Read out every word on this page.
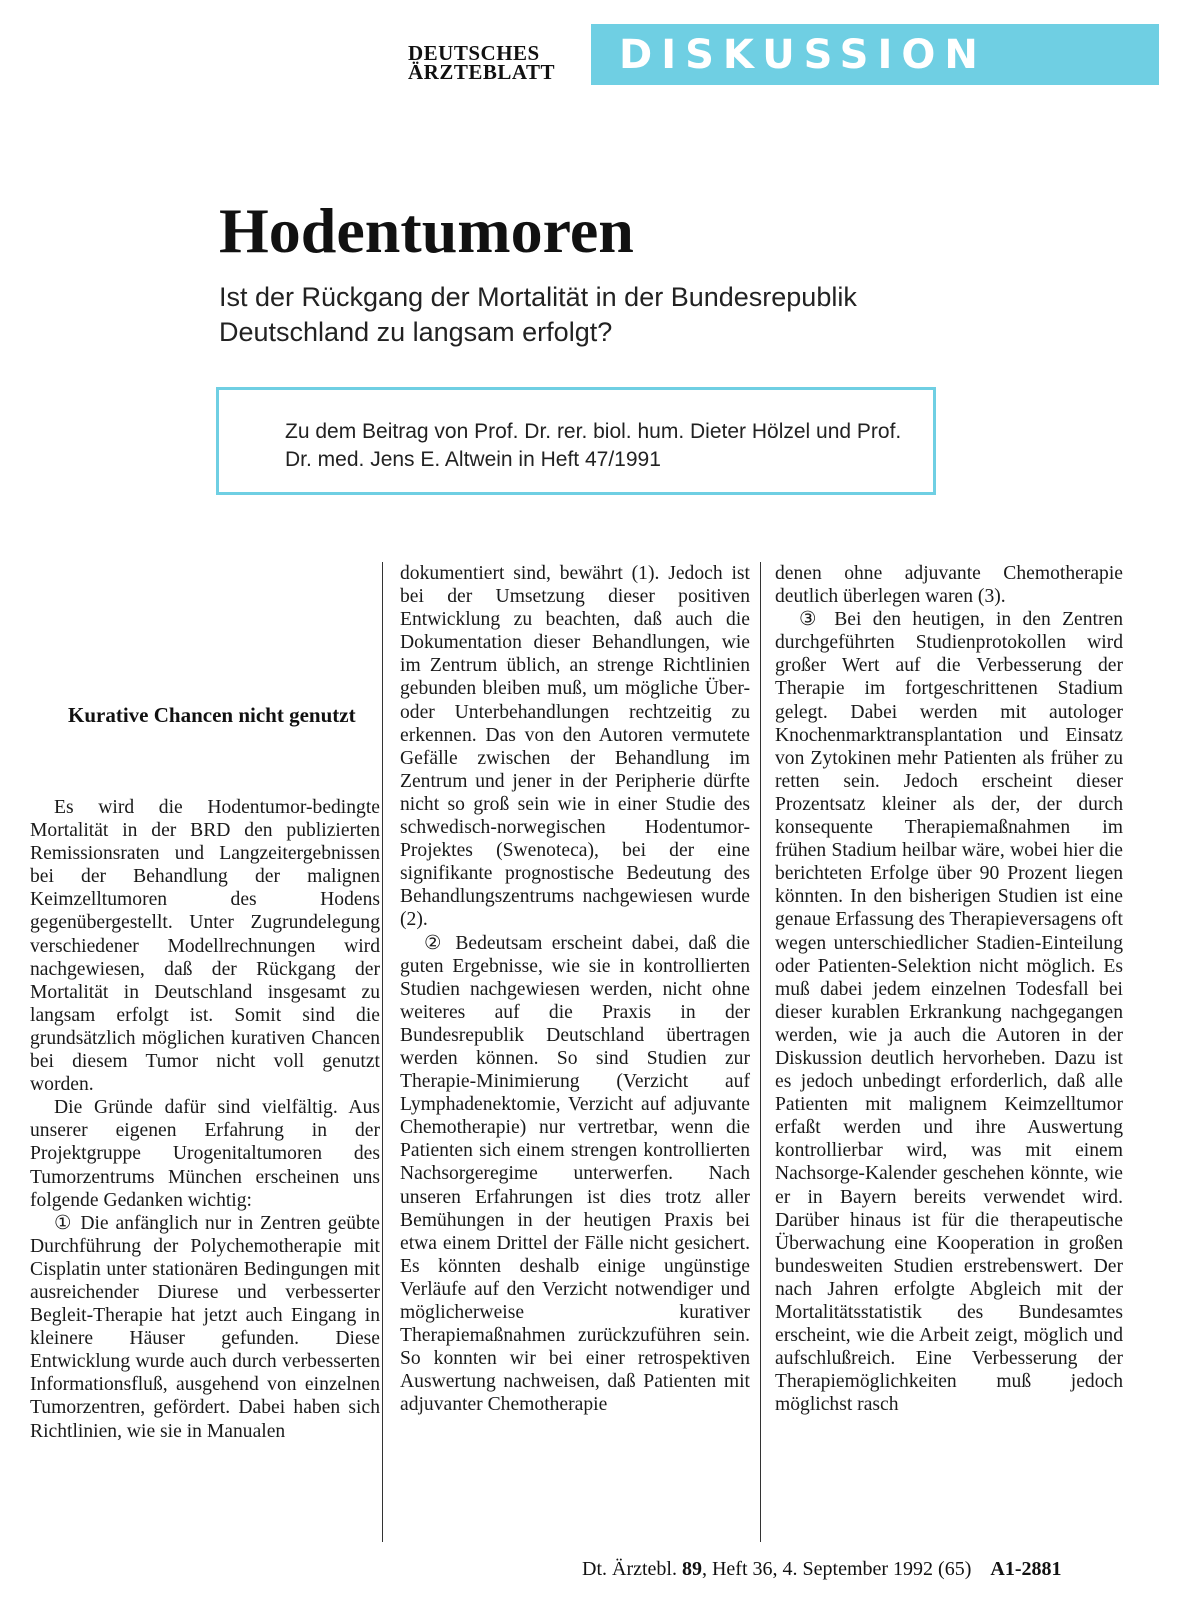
DEUTSCHES
ÄRZTEBLATT	DISKUSSION
Hodentumoren
Ist der Rückgang der Mortalität in der Bundesrepublik Deutschland zu langsam erfolgt?
Zu dem Beitrag von Prof. Dr. rer. biol. hum. Dieter Hölzel und Prof. Dr. med. Jens E. Altwein in Heft 47/1991
Kurative Chancen nicht genutzt

Es wird die Hodentumor-bedingte Mortalität in der BRD den publizierten Remissionsraten und Langzeitergebnissen bei der Behandlung der malignen Keimzelltumoren des Hodens gegenübergestellt. Unter Zugrundelegung verschiedener Modellrechnungen wird nachgewiesen, daß der Rückgang der Mortalität in Deutschland insgesamt zu langsam erfolgt ist. Somit sind die grundsätzlich möglichen kurativen Chancen bei diesem Tumor nicht voll genutzt worden.

Die Gründe dafür sind vielfältig. Aus unserer eigenen Erfahrung in der Projektgruppe Urogenitaltumoren des Tumorzentrums München erscheinen uns folgende Gedanken wichtig:

① Die anfänglich nur in Zentren geübte Durchführung der Polychemotherapie mit Cisplatin unter stationären Bedingungen mit ausreichender Diurese und verbesserter Begleit-Therapie hat jetzt auch Eingang in kleinere Häuser gefunden. Diese Entwicklung wurde auch durch verbesserten Informationsfluß, ausgehend von einzelnen Tumorzentren, gefördert. Dabei haben sich Richtlinien, wie sie in Manualen

dokumentiert sind, bewährt (1). Jedoch ist bei der Umsetzung dieser positiven Entwicklung zu beachten, daß auch die Dokumentation dieser Behandlungen, wie im Zentrum üblich, an strenge Richtlinien gebunden bleiben muß, um mögliche Über- oder Unterbehandlungen rechtzeitig zu erkennen. Das von den Autoren vermutete Gefälle zwischen der Behandlung im Zentrum und jener in der Peripherie dürfte nicht so groß sein wie in einer Studie des schwedisch-norwegischen Hodentumor-Projektes (Swenoteca), bei der eine signifikante prognostische Bedeutung des Behandlungszentrums nachgewiesen wurde (2).

② Bedeutsam erscheint dabei, daß die guten Ergebnisse, wie sie in kontrollierten Studien nachgewiesen werden, nicht ohne weiteres auf die Praxis in der Bundesrepublik Deutschland übertragen werden können. So sind Studien zur Therapie-Minimierung (Verzicht auf Lymphadenektomie, Verzicht auf adjuvante Chemotherapie) nur vertretbar, wenn die Patienten sich einem strengen kontrollierten Nachsorgeregime unterwerfen. Nach unseren Erfahrungen ist dies trotz aller Bemühungen in der heutigen Praxis bei etwa einem Drittel der Fälle nicht gesichert. Es könnten deshalb einige ungünstige Verläufe auf den Verzicht notwendiger und möglicherweise kurativer Therapiemaßnahmen zurückzuführen sein. So konnten wir bei einer retrospektiven Auswertung nachweisen, daß Patienten mit adjuvanter Chemotherapie

denen ohne adjuvante Chemotherapie deutlich überlegen waren (3).

③ Bei den heutigen, in den Zentren durchgeführten Studienprotokollen wird großer Wert auf die Verbesserung der Therapie im fortgeschrittenen Stadium gelegt. Dabei werden mit autologer Knochenmarktransplantation und Einsatz von Zytokinen mehr Patienten als früher zu retten sein. Jedoch erscheint dieser Prozentsatz kleiner als der, der durch konsequente Therapiemaßnahmen im frühen Stadium heilbar wäre, wobei hier die berichteten Erfolge über 90 Prozent liegen könnten. In den bisherigen Studien ist eine genaue Erfassung des Therapieversagens oft wegen unterschiedlicher Stadien-Einteilung oder Patienten-Selektion nicht möglich. Es muß dabei jedem einzelnen Todesfall bei dieser kurablen Erkrankung nachgegangen werden, wie ja auch die Autoren in der Diskussion deutlich hervorheben. Dazu ist es jedoch unbedingt erforderlich, daß alle Patienten mit malignem Keimzelltumor erfaßt werden und ihre Auswertung kontrollierbar wird, was mit einem Nachsorge-Kalender geschehen könnte, wie er in Bayern bereits verwendet wird. Darüber hinaus ist für die therapeutische Überwachung eine Kooperation in großen bundesweiten Studien erstrebenswert. Der nach Jahren erfolgte Abgleich mit der Mortalitätsstatistik des Bundesamtes erscheint, wie die Arbeit zeigt, möglich und aufschlußreich. Eine Verbesserung der Therapiemöglichkeiten muß jedoch möglichst rasch

Dt. Ärztebl. 89, Heft 36, 4. September 1992 (65) A1-2881
